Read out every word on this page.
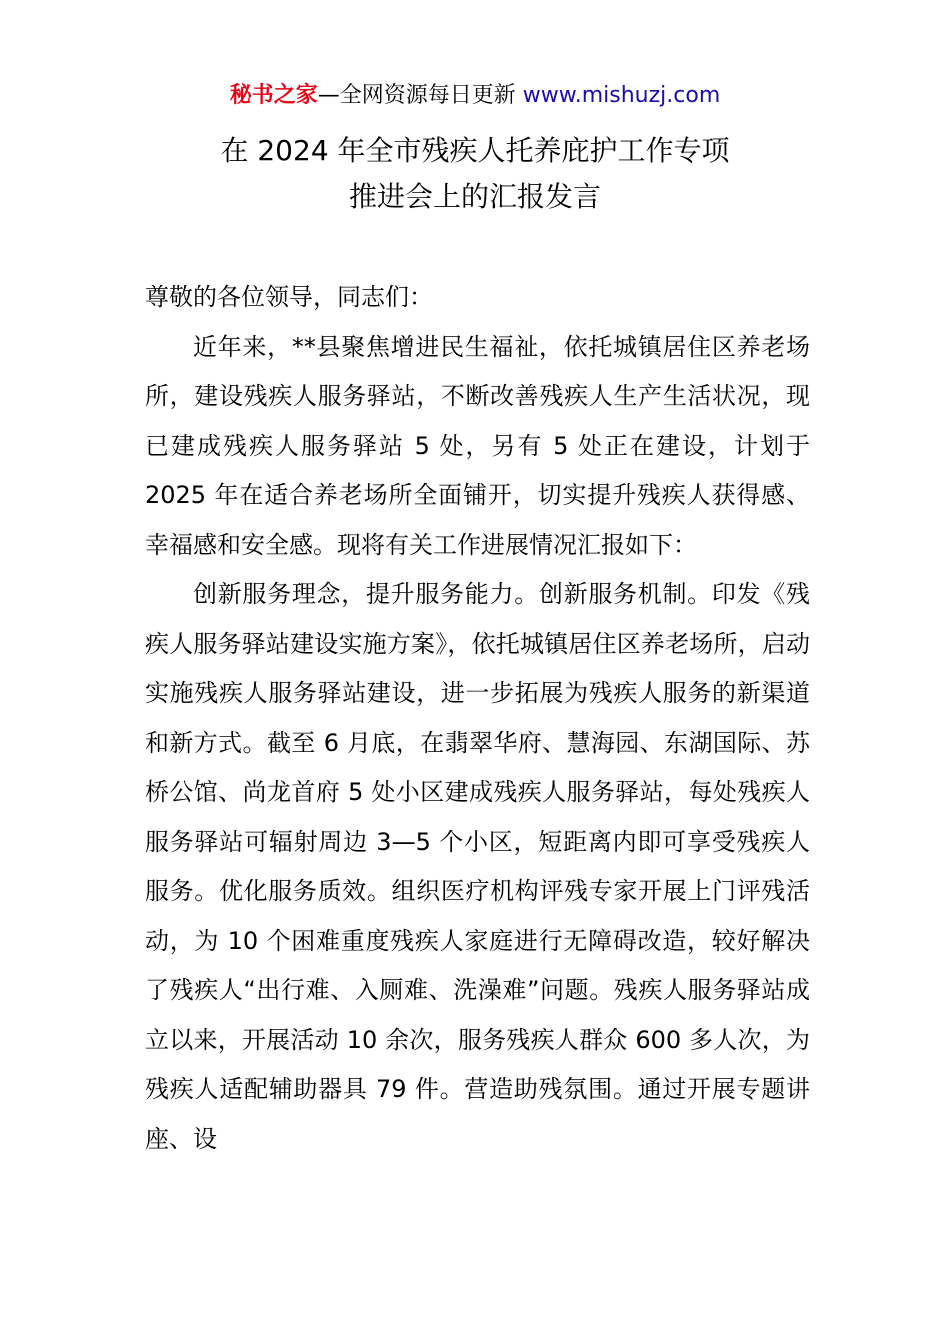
秘书之家—全网资源每日更新 www.mishuzj.com
在 2024 年全市残疾人托养庇护工作专项
推进会上的汇报发言

尊敬的各位领导，同志们：

近年来，**县聚焦增进民生福祉，依托城镇居住区养老场所，建设残疾人服务驿站，不断改善残疾人生产生活状况，现已建成残疾人服务驿站 5 处，另有 5 处正在建设，计划于 2025 年在适合养老场所全面铺开，切实提升残疾人获得感、幸福感和安全感。现将有关工作进展情况汇报如下：

创新服务理念，提升服务能力。创新服务机制。印发《残疾人服务驿站建设实施方案》，依托城镇居住区养老场所，启动实施残疾人服务驿站建设，进一步拓展为残疾人服务的新渠道和新方式。截至 6 月底，在翡翠华府、慧海园、东湖国际、苏桥公馆、尚龙首府 5 处小区建成残疾人服务驿站，每处残疾人服务驿站可辐射周边 3—5 个小区，短距离内即可享受残疾人服务。优化服务质效。组织医疗机构评残专家开展上门评残活动，为 10 个困难重度残疾人家庭进行无障碍改造，较好解决了残疾人“出行难、入厕难、洗澡难”问题。残疾人服务驿站成立以来，开展活动 10 余次，服务残疾人群众 600 多人次，为残疾人适配辅助器具 79 件。营造助残氛围。通过开展专题讲座、设
